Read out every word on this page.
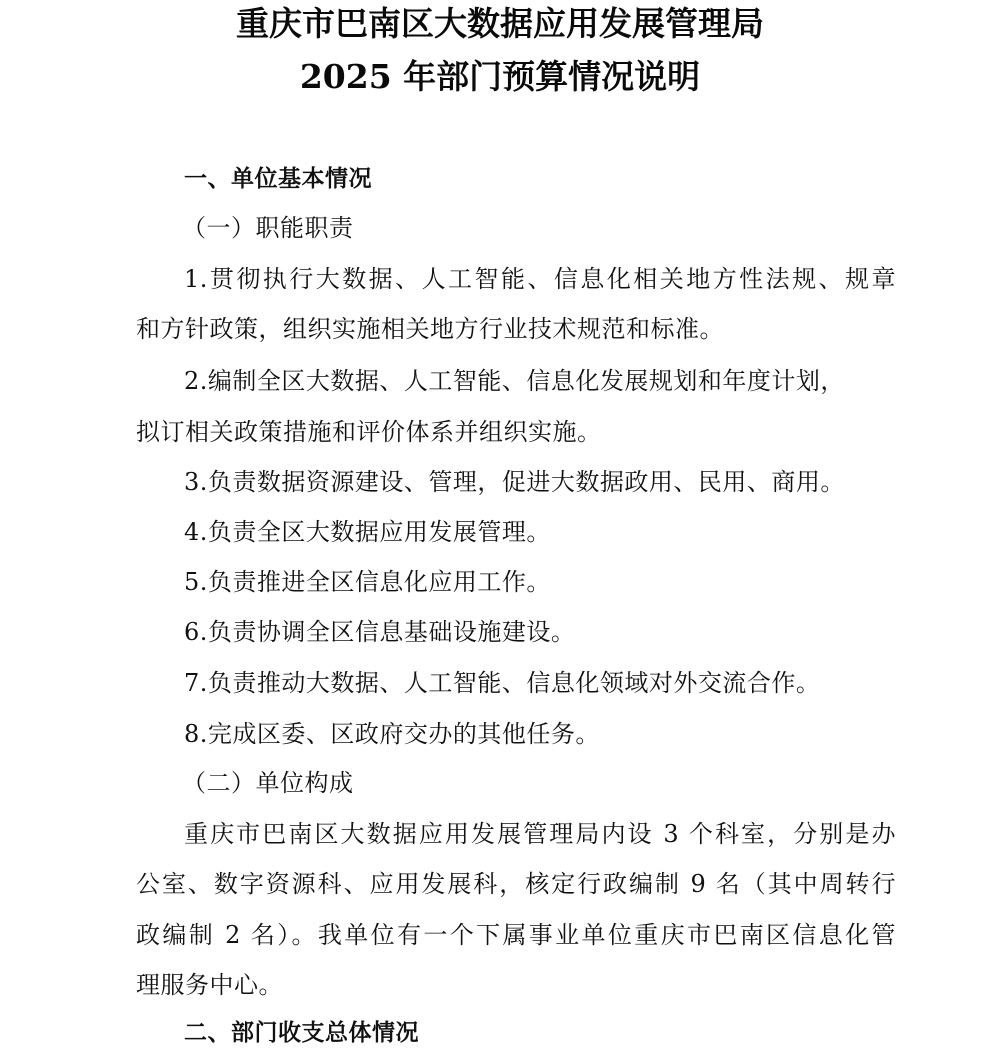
重庆市巴南区大数据应用发展管理局
2025 年部门预算情况说明
一、单位基本情况
（一）职能职责
1.贯彻执行大数据、人工智能、信息化相关地方性法规、规章
和方针政策，组织实施相关地方行业技术规范和标准。
2.编制全区大数据、人工智能、信息化发展规划和年度计划，
拟订相关政策措施和评价体系并组织实施。
3.负责数据资源建设、管理，促进大数据政用、民用、商用。
4.负责全区大数据应用发展管理。
5.负责推进全区信息化应用工作。
6.负责协调全区信息基础设施建设。
7.负责推动大数据、人工智能、信息化领域对外交流合作。
8.完成区委、区政府交办的其他任务。
（二）单位构成
重庆市巴南区大数据应用发展管理局内设 3 个科室，分别是办
公室、数字资源科、应用发展科，核定行政编制 9 名（其中周转行
政编制 2 名）。我单位有一个下属事业单位重庆市巴南区信息化管
理服务中心。
二、部门收支总体情况
